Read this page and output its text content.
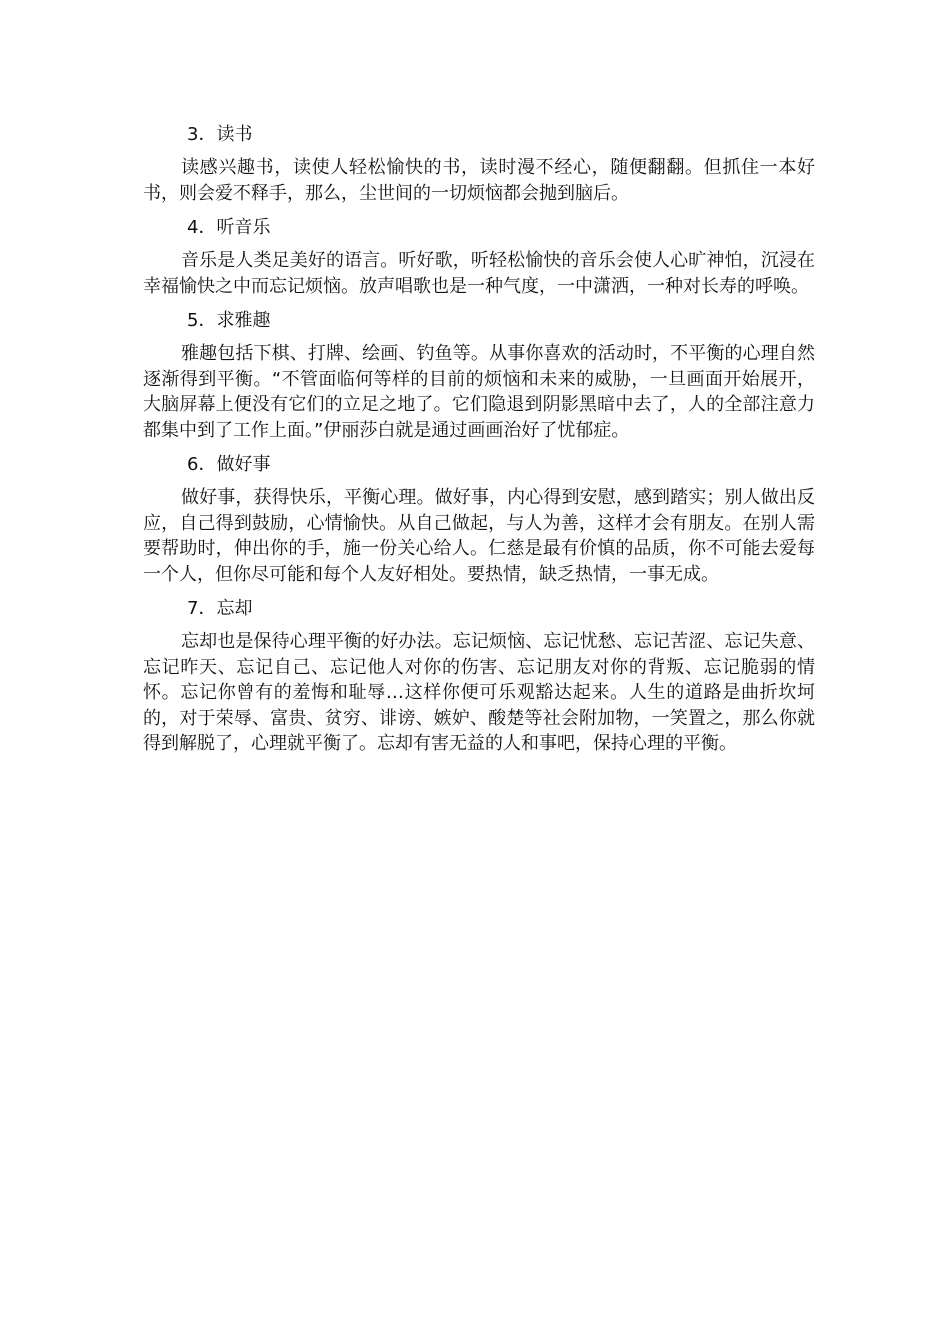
3．读书

读感兴趣书，读使人轻松愉快的书，读时漫不经心，随便翻翻。但抓住一本好书，则会爱不释手，那么，尘世间的一切烦恼都会抛到脑后。

4．听音乐

音乐是人类足美好的语言。听好歌，听轻松愉快的音乐会使人心旷神怕，沉浸在幸福愉快之中而忘记烦恼。放声唱歌也是一种气度，一中潇洒，一种对长寿的呼唤。

5．求雅趣

雅趣包括下棋、打牌、绘画、钓鱼等。从事你喜欢的活动时，不平衡的心理自然逐渐得到平衡。“不管面临何等样的目前的烦恼和未来的威胁，一旦画面开始展开，大脑屏幕上便没有它们的立足之地了。它们隐退到阴影黑暗中去了，人的全部注意力都集中到了工作上面。”伊丽莎白就是通过画画治好了忧郁症。

6．做好事

做好事，获得快乐，平衡心理。做好事，内心得到安慰，感到踏实；别人做出反应，自己得到鼓励，心情愉快。从自己做起，与人为善，这样才会有朋友。在别人需要帮助时，伸出你的手，施一份关心给人。仁慈是最有价慎的品质，你不可能去爱每一个人，但你尽可能和每个人友好相处。要热情，缺乏热情，一事无成。

7．忘却

忘却也是保待心理平衡的好办法。忘记烦恼、忘记忧愁、忘记苦涩、忘记失意、忘记昨天、忘记自己、忘记他人对你的伤害、忘记朋友对你的背叛、忘记脆弱的情怀。忘记你曾有的羞悔和耻辱…这样你便可乐观豁达起来。人生的道路是曲折坎坷的，对于荣辱、富贵、贫穷、诽谤、嫉妒、酸楚等社会附加物，一笑置之，那么你就得到解脱了，心理就平衡了。忘却有害无益的人和事吧，保持心理的平衡。
